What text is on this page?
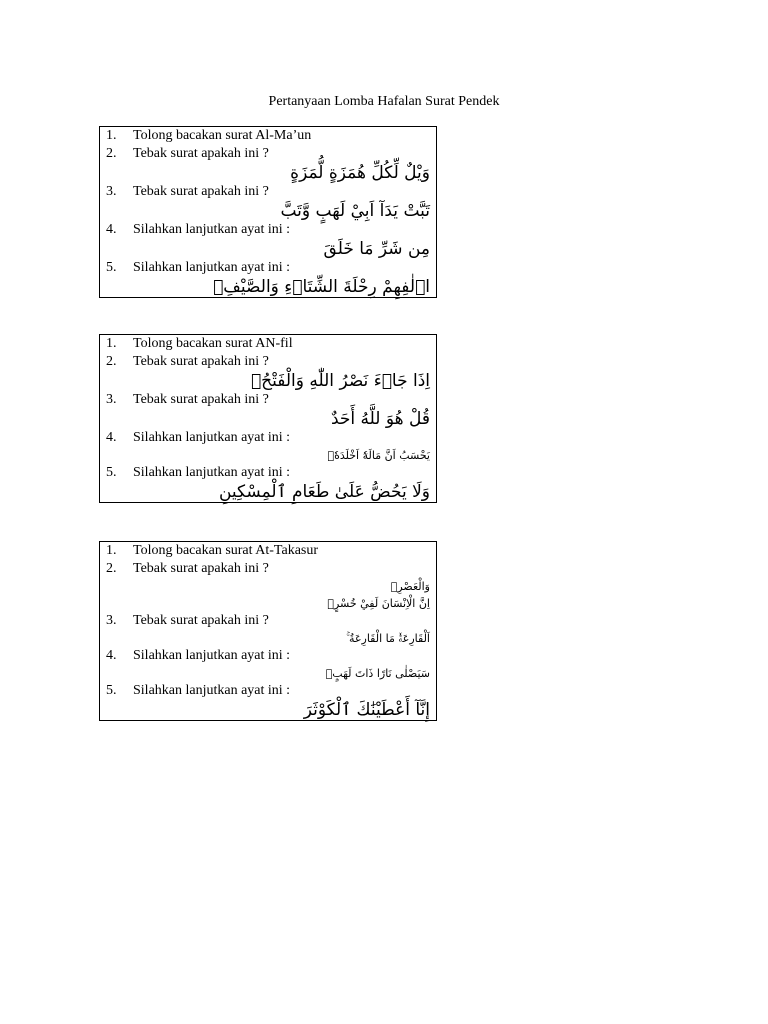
Pertanyaan Lomba Hafalan Surat Pendek
1. Tolong bacakan surat Al-Ma’un
2. Tebak surat apakah ini ?
وَيْلٌ لِّكُلِّ هُمَزَةٍ لُّمَزَةٍ
3. Tebak surat apakah ini ?
تَبَّتْ يَدَآ اَبِيْ لَهَبٍ وَّتَبَّ
4. Silahkan lanjutkan ayat ini :
مِن شَرِّ مَا خَلَقَ
5. Silahkan lanjutkan ayat ini :
اٖلٰفِهِمْ رِحْلَةَ الشِّتَاۤءِ وَالصَّيْفِۚ
1. Tolong bacakan surat AN-fil
2. Tebak surat apakah ini ?
اِذَا جَاۤءَ نَصْرُ اللّٰهِ وَالْفَتْحُۙ
3. Tebak surat apakah ini ?
قُلْ هُوَ للَّهُ أَحَدٌ
4. Silahkan lanjutkan ayat ini :
يَحْسَبُ اَنَّ مَالَهٗٓ اَخْلَدَهٗۚ
5. Silahkan lanjutkan ayat ini :
وَلَا يَحُضُّ عَلَىٰ طَعَامِ ٱلْمِسْكِينِ
1. Tolong bacakan surat At-Takasur
2. Tebak surat apakah ini ?
وَالْعَصْرِۙ
اِنَّ الْاِنْسَانَ لَفِيْ خُسْرٍۙ
3. Tebak surat apakah ini ?
اَلْقَارِعَةُۙ مَا الْقَارِعَةُ ۚ
4. Silahkan lanjutkan ayat ini :
سَيَصْلٰى نَارًا ذَاتَ لَهَبٍۙ
5. Silahkan lanjutkan ayat ini :
إِنَّآ أَعْطَيْنَٰكَ ٱلْكَوْثَرَ
